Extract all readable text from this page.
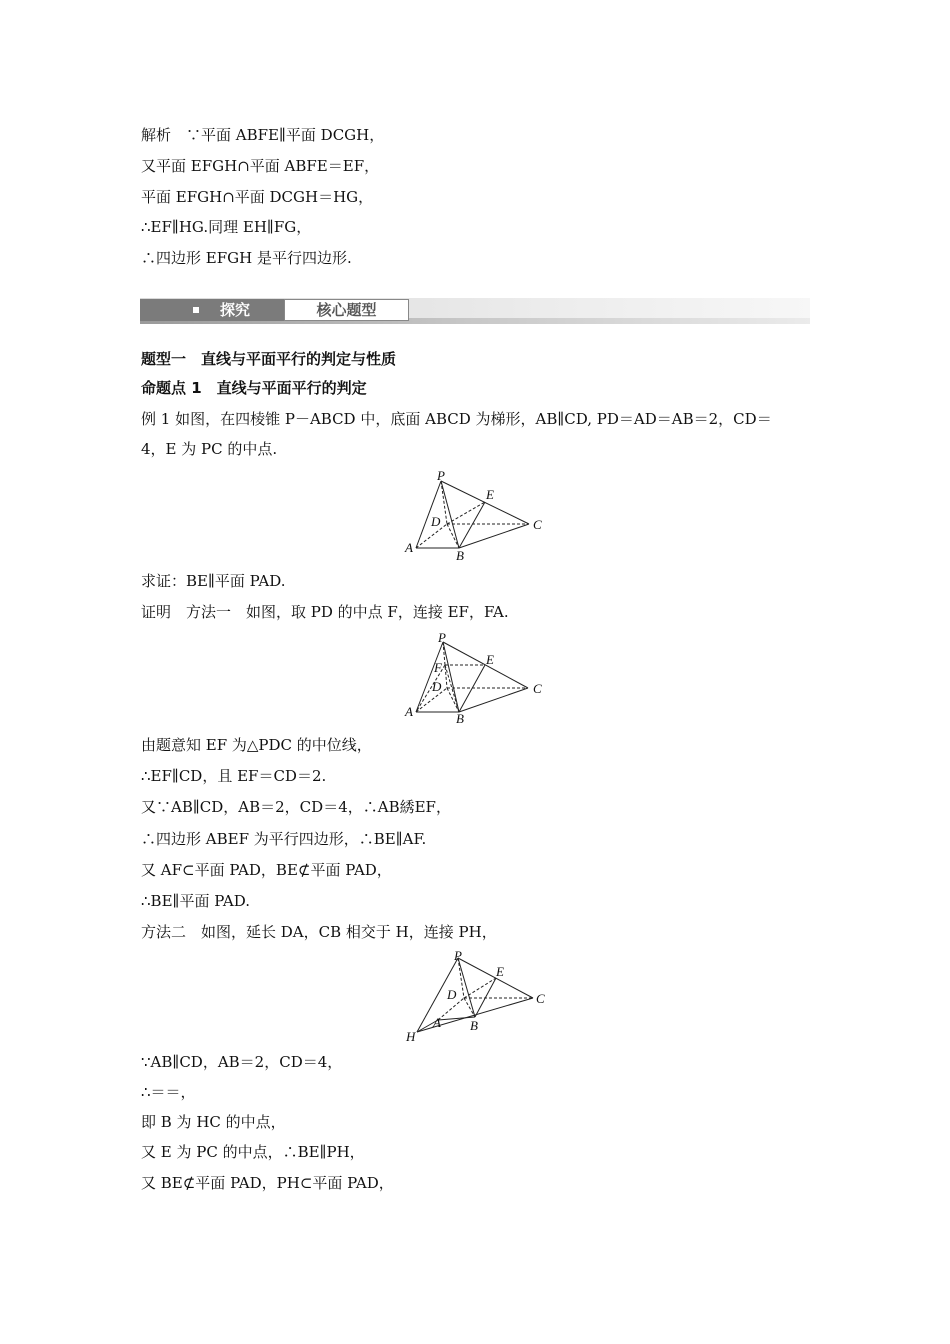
解析　∵平面 ABFE∥平面 DCGH，
又平面 EFGH∩平面 ABFE＝EF，
平面 EFGH∩平面 DCGH＝HG，
∴EF∥HG.同理 EH∥FG，
∴四边形 EFGH 是平行四边形.
探究	核心题型
题型一　直线与平面平行的判定与性质
命题点 1　直线与平面平行的判定
例 1 如图，在四棱锥 P－ABCD 中，底面 ABCD 为梯形，AB∥CD, PD＝AD＝AB＝2，CD＝
4，E 为 PC 的中点.
P
E
D	C
A
B
求证：BE∥平面 PAD.
证明　方法一　如图，取 PD 的中点 F，连接 EF，FA.
P
F
E
D	C
A	B
由题意知 EF 为△PDC 的中位线，
∴EF∥CD，且 EF＝CD＝2.
又∵AB∥CD，AB＝2，CD＝4，∴AB綉EF，
∴四边形 ABEF 为平行四边形，∴BE∥AF.
又 AF⊂平面 PAD，BE⊄平面 PAD，
∴BE∥平面 PAD.
方法二　如图，延长 DA，CB 相交于 H，连接 PH，
P
E
D	C
A B
H
∵AB∥CD，AB＝2，CD＝4，
∴＝＝，
即 B 为 HC 的中点，
又 E 为 PC 的中点，∴BE∥PH，
又 BE⊄平面 PAD，PH⊂平面 PAD，
